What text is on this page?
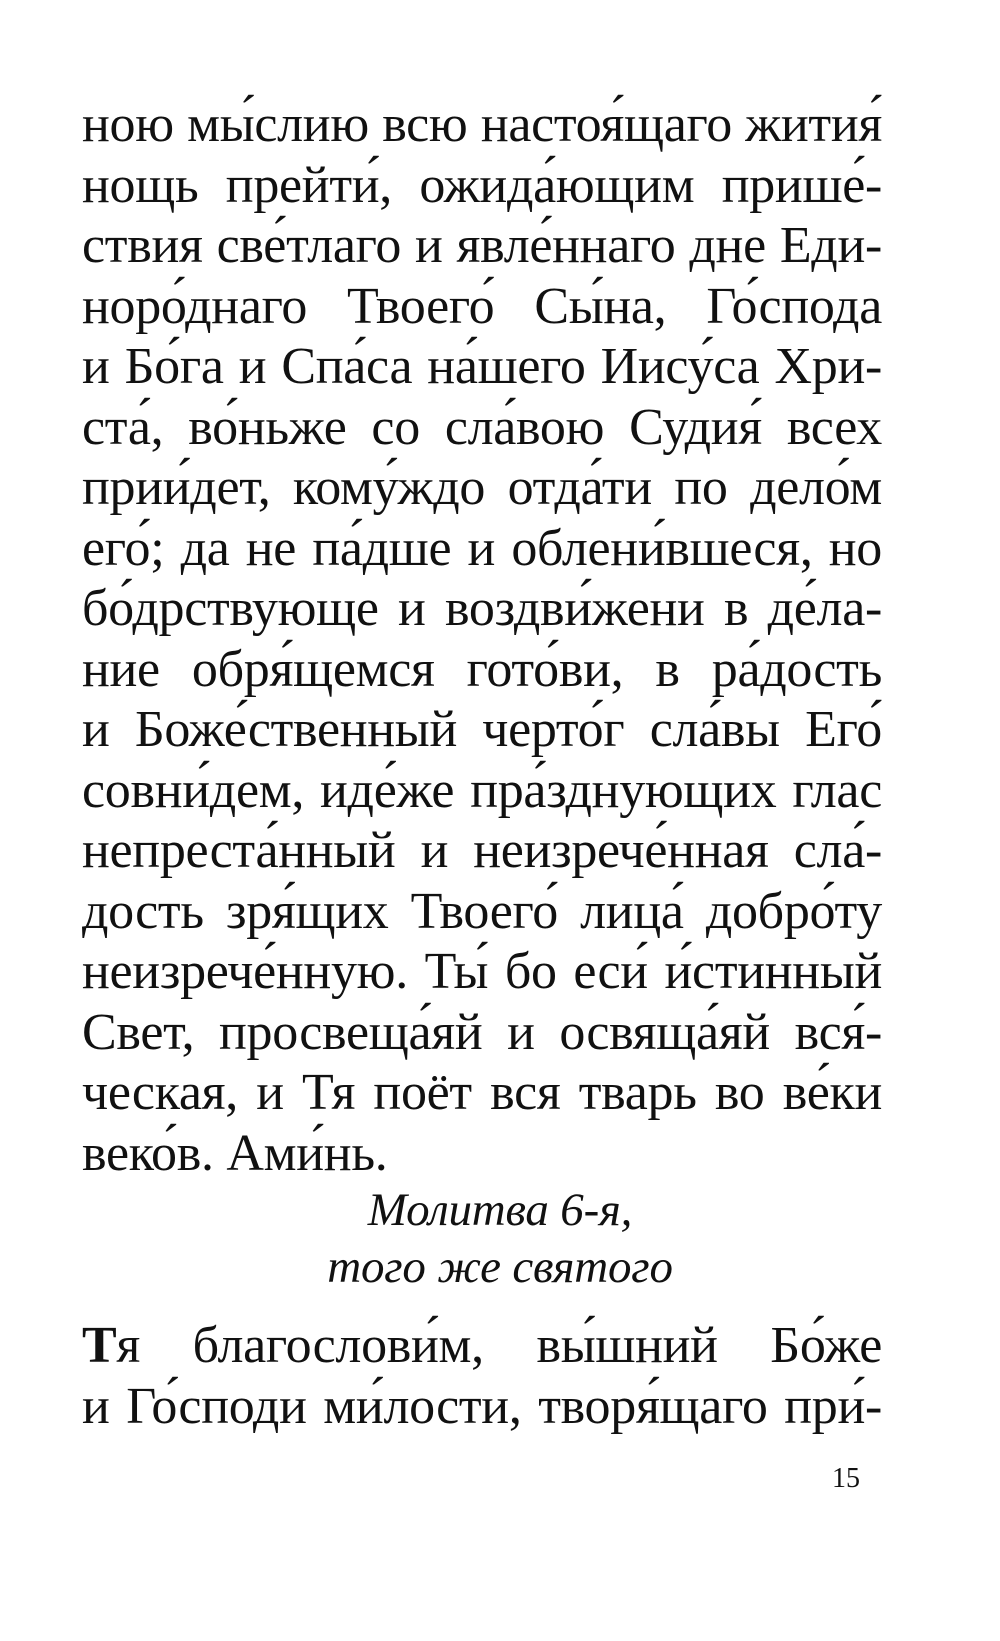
ною мы́слию всю настоя́щаго жития́
нощь прейти́, ожида́ющим прише́-
ствия све́тлаго и явле́ннаго дне Еди-
норо́днаго Твоего́ Сы́на, Го́спода
и Бо́га и Спа́са на́шего Иису́са Хри-
ста́, во́ньже со сла́вою Судия́ всех
прии́дет, кому́ждо отда́ти по дело́м
его́; да не па́дше и облени́вшеся, но
бо́дрствующе и воздви́жени в де́ла-
ние обря́щемся гото́ви, в ра́дость
и Боже́ственный черто́г сла́вы Его́
совни́дем, иде́же пра́зднующих глас
непреста́нный и неизрече́нная сла́-
дость зря́щих Твоего́ лица́ добро́ту
неизрече́нную. Ты́ бо еси́ и́стинный
Свет, просвеща́яй и освяща́яй вся́-
ческая, и Тя поёт вся тварь во ве́ки
веко́в. Ами́нь.
Молитва 6-я,
того же святого
Тя благослови́м, вы́шний Бо́же
и Го́споди ми́лости, творя́щаго при́-
15
